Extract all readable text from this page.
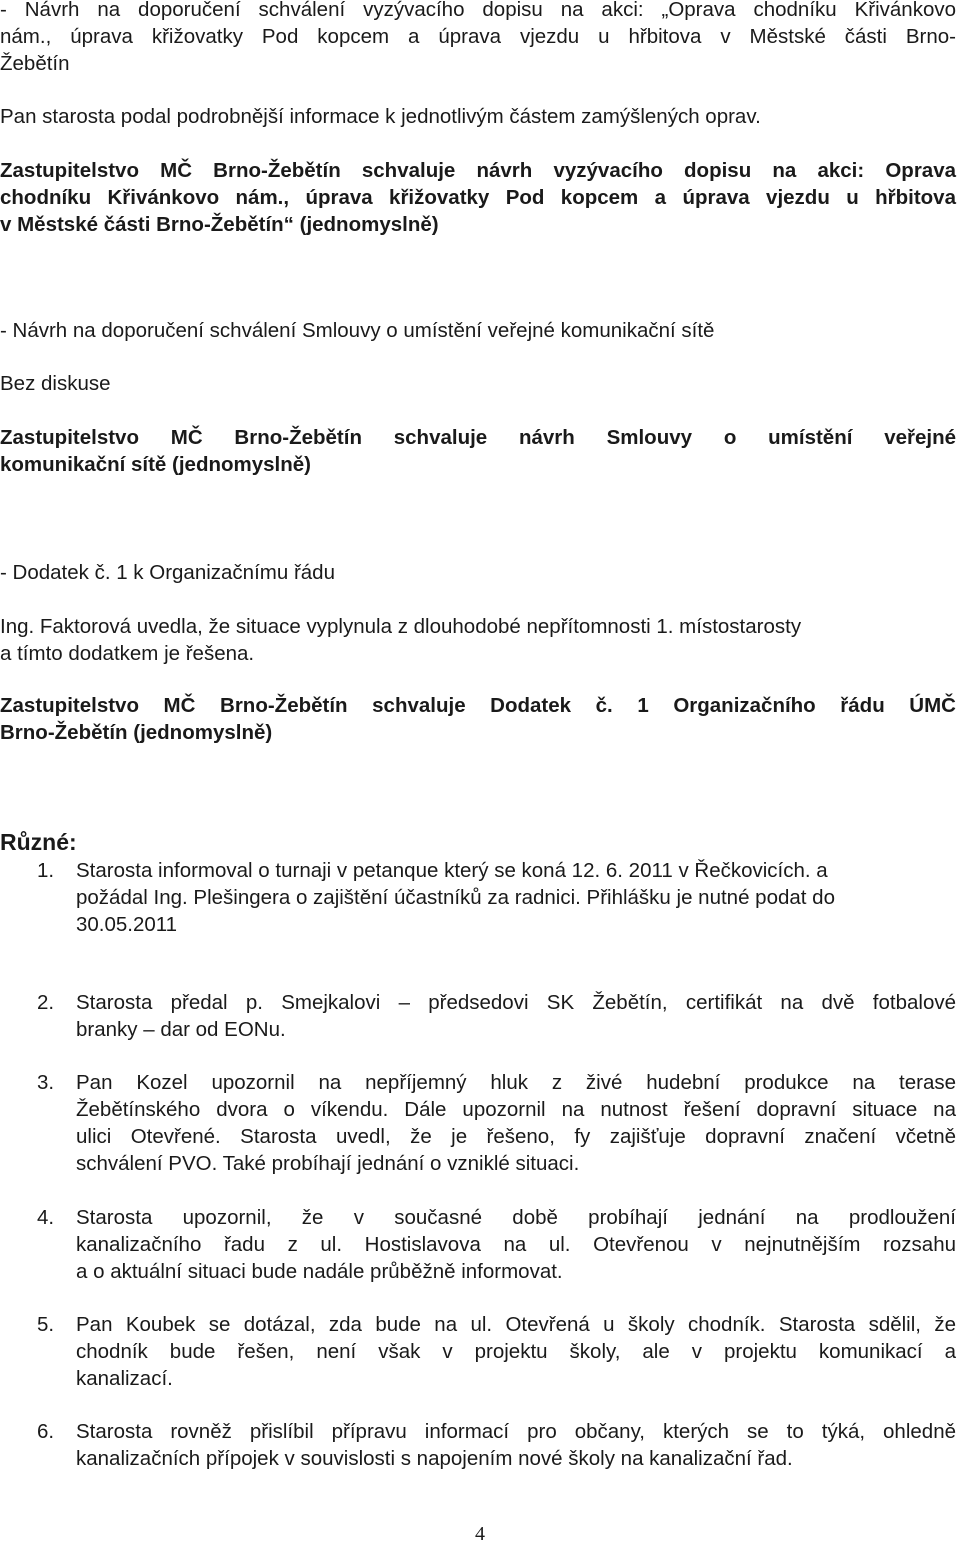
- Návrh na doporučení schválení vyzývacího dopisu na akci: „Oprava chodníku Křivánkovo
nám., úprava křižovatky Pod kopcem a úprava vjezdu u hřbitova v Městské části Brno-
Žebětín

Pan starosta podal podrobnější informace k jednotlivým částem zamýšlených oprav.

Zastupitelstvo MČ Brno-Žebětín schvaluje návrh vyzývacího dopisu na akci: Oprava
chodníku Křivánkovo nám., úprava křižovatky Pod kopcem a úprava vjezdu u hřbitova
v Městské části Brno-Žebětín“ (jednomyslně)

- Návrh na doporučení schválení Smlouvy o umístění veřejné komunikační sítě

Bez diskuse

Zastupitelstvo MČ Brno-Žebětín schvaluje návrh Smlouvy o umístění veřejné
komunikační sítě (jednomyslně)

- Dodatek č. 1 k Organizačnímu řádu

Ing. Faktorová uvedla, že situace vyplynula z dlouhodobé nepřítomnosti 1. místostarosty
a tímto dodatkem je řešena.

Zastupitelstvo MČ Brno-Žebětín schvaluje Dodatek č. 1 Organizačního řádu ÚMČ
Brno-Žebětín (jednomyslně)

Různé:

1. Starosta informoval o turnaji v petanque který se koná 12. 6. 2011 v Řečkovicích. a
požádal Ing. Plešingera o zajištění účastníků za radnici. Přihlášku je nutné podat do
30.05.2011
2. Starosta předal p. Smejkalovi – předsedovi SK Žebětín, certifikát na dvě fotbalové
branky – dar od EONu.
3. Pan Kozel upozornil na nepříjemný hluk z živé hudební produkce na terase
Žebětínského dvora o víkendu. Dále upozornil na nutnost řešení dopravní situace na
ulici Otevřené. Starosta uvedl, že je řešeno, fy zajišťuje dopravní značení včetně
schválení PVO. Také probíhají jednání o vzniklé situaci.
4. Starosta upozornil, že v současné době probíhají jednání na prodloužení
kanalizačního řadu z ul. Hostislavova na ul. Otevřenou v nejnutnějším rozsahu
a o aktuální situaci bude nadále průběžně informovat.
5. Pan Koubek se dotázal, zda bude na ul. Otevřená u školy chodník. Starosta sdělil, že
chodník bude řešen, není však v projektu školy, ale v projektu komunikací a
kanalizací.
6. Starosta rovněž přislíbil přípravu informací pro občany, kterých se to týká, ohledně
kanalizačních přípojek v souvislosti s napojením nové školy na kanalizační řad.
4
